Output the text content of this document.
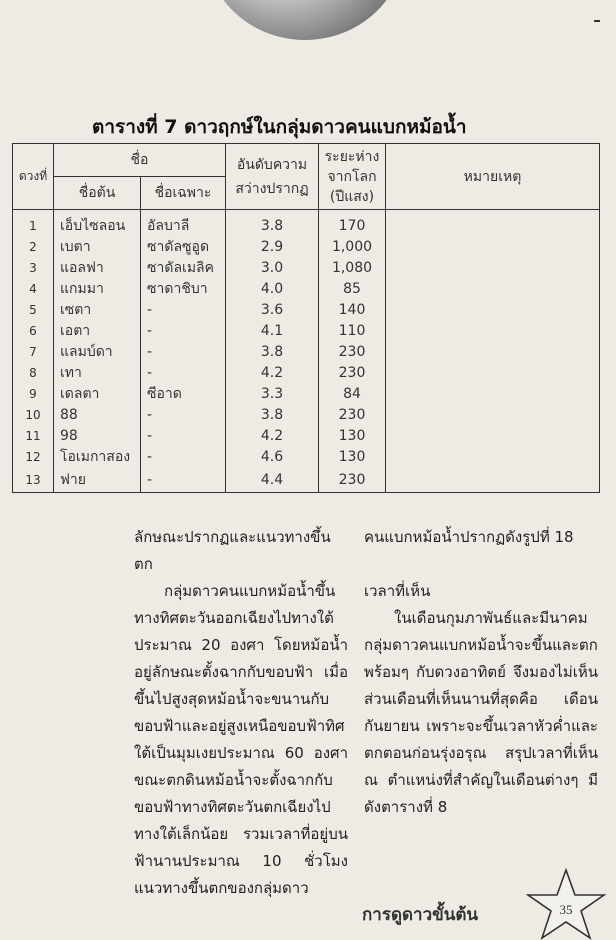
ตารางที่ 7 ดาวฤกษ์ในกลุ่มดาวคนแบกหม้อน้ำ
ดวงที่	ชื่อ		อันดับความ สว่างปรากฏ	ระยะห่าง จากโลก (ปีแสง)	หมายเหตุ
	ชื่อต้น	ชื่อเฉพาะ			
1	เอ็บไซลอน	อัลบาลี	3.8	170	
2	เบตา	ซาดัลซูอูด	2.9	1,000	
3	แอลฟา	ซาดัลเมลิค	3.0	1,080	
4	แกมมา	ซาดาชิบา	4.0	85	
5	เซตา	-	3.6	140	
6	เอตา	-	4.1	110	
7	แลมบ์ดา	-	3.8	230	
8	เทา	-	4.2	230	
9	เดลตา	ซีอาด	3.3	84	
10	88	-	3.8	230	
11	98	-	4.2	130	
12	โอเมกาสอง	-	4.6	130	
13	ฟาย	-	4.4	230	

ลักษณะปรากฏและแนวทางขึ้นตก

กลุ่มดาวคนแบกหม้อน้ำขึ้นทางทิศตะวันออกเฉียงไปทางใต้ประมาณ 20 องศา โดยหม้อน้ำอยู่ลักษณะตั้งฉากกับขอบฟ้า เมื่อขึ้นไปสูงสุดหม้อน้ำจะขนานกับขอบฟ้าและอยู่สูงเหนือขอบฟ้าทิศใต้เป็นมุมเงยประมาณ 60 องศา ขณะตกดินหม้อน้ำจะตั้งฉากกับขอบฟ้าทางทิศตะวันตกเฉียงไปทางใต้เล็กน้อย รวมเวลาที่อยู่บนฟ้านานประมาณ 10 ชั่วโมง แนวทางขึ้นตกของกลุ่มดาว

คนแบกหม้อน้ำปรากฏดังรูปที่ 18

เวลาที่เห็น

ในเดือนกุมภาพันธ์และมีนาคมกลุ่มดาวคนแบกหม้อน้ำจะขึ้นและตกพร้อมๆ กับดวงอาทิตย์ จึงมองไม่เห็น ส่วนเดือนที่เห็นนานที่สุดคือ เดือนกันยายน เพราะจะขึ้นเวลาหัวค่ำและตกตอนก่อนรุ่งอรุณ สรุปเวลาที่เห็น ณ ตำแหน่งที่สำคัญในเดือนต่างๆ มีดังตารางที่ 8

การดูดาวขั้นต้น	35
